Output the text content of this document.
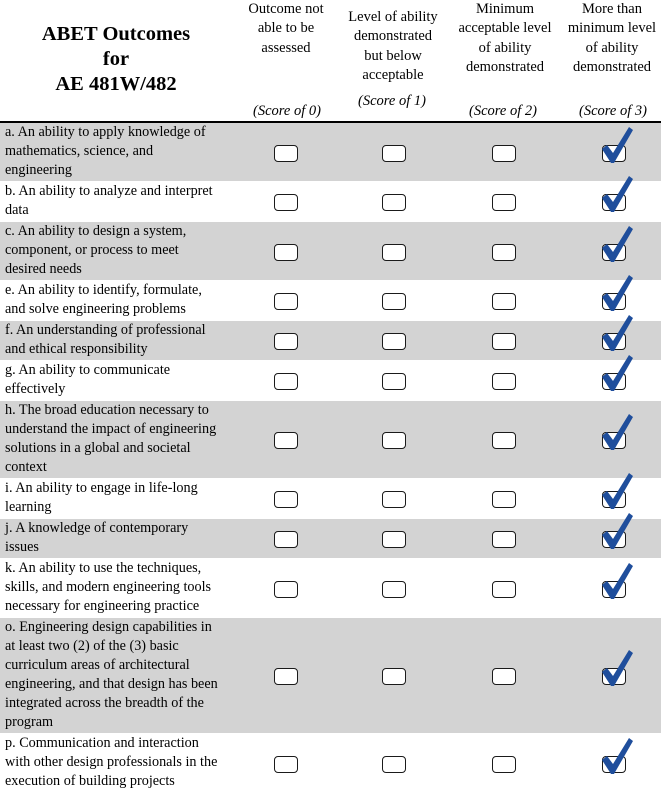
ABET Outcomes
for
AE 481W/482
Outcome not
able to be
assessed
Level of ability
demonstrated
but below
acceptable
Minimum
acceptable level
of ability
demonstrated
More than
minimum level
of ability
demonstrated
(Score of 0)
(Score of 1)
(Score of 2)	(Score of 3)
a. An ability to apply knowledge of
mathematics, science, and
engineering
b. An ability to analyze and interpret
data
c. An ability to design a system,
component, or process to meet
desired needs
e. An ability to identify, formulate,
and solve engineering problems
f. An understanding of professional
and ethical responsibility
g. An ability to communicate
effectively
h. The broad education necessary to
understand the impact of engineering
solutions in a global and societal
context
i. An ability to engage in life-long
learning
j. A knowledge of contemporary
issues
k. An ability to use the techniques,
skills, and modern engineering tools
necessary for engineering practice
o. Engineering design capabilities in
at least two (2) of the (3) basic
curriculum areas of architectural
engineering, and that design has been
integrated across the breadth of the
program
p. Communication and interaction
with other design professionals in the
execution of building projects
